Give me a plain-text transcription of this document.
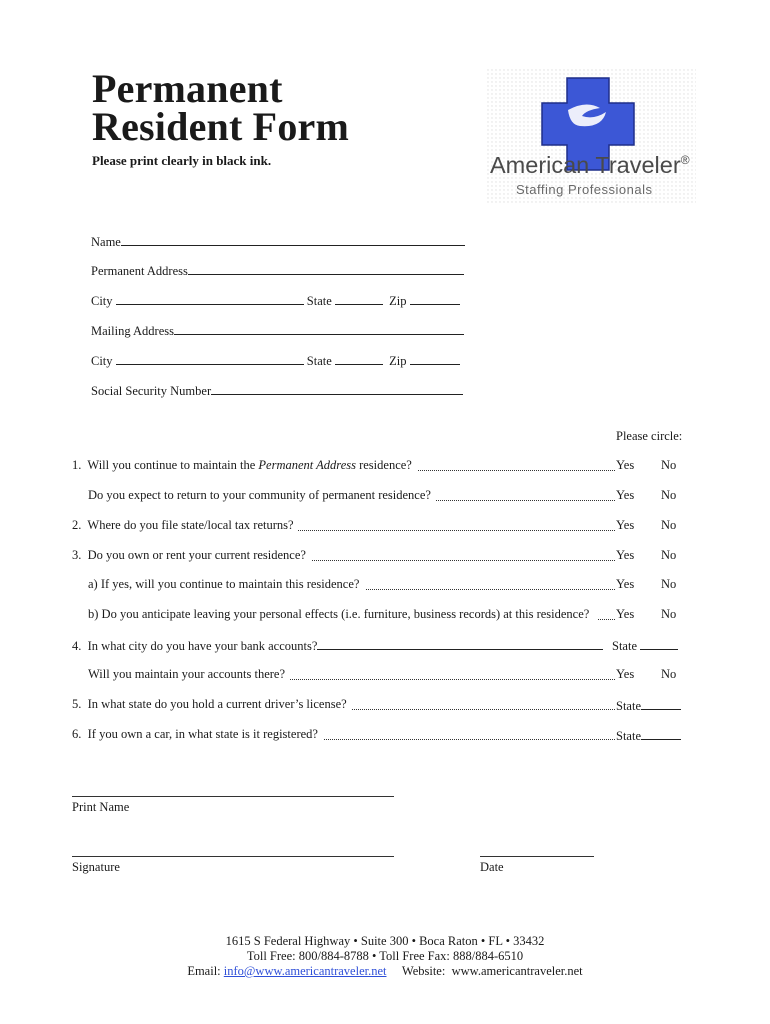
Permanent
Resident Form
Please print clearly in black ink.	American Traveler®
Staffing Professionals
Name
Permanent Address
City	State	Zip
Mailing Address
City	State	Zip
Social Security Number
Please circle:
1. Will you continue to maintain the Permanent Address residence?	Yes No
Do you expect to return to your community of permanent residence?	Yes No
2. Where do you file state/local tax returns?	Yes No
3. Do you own or rent your current residence?	Yes No
a) If yes, will you continue to maintain this residence?	Yes No
b) Do you anticipate leaving your personal effects (i.e. furniture, business records) at this residence? Yes No
4. In what city do you have your bank accounts?	State
Will you maintain your accounts there?	Yes No
5. In what state do you hold a current driver’s license?	State
6. If you own a car, in what state is it registered?	State
Print Name
Signature	Date
1615 S Federal Highway • Suite 300 • Boca Raton • FL • 33432
Toll Free: 800/884-8788 • Toll Free Fax: 888/884-6510
Email: info@www.americantraveler.net     Website:  www.americantraveler.net
